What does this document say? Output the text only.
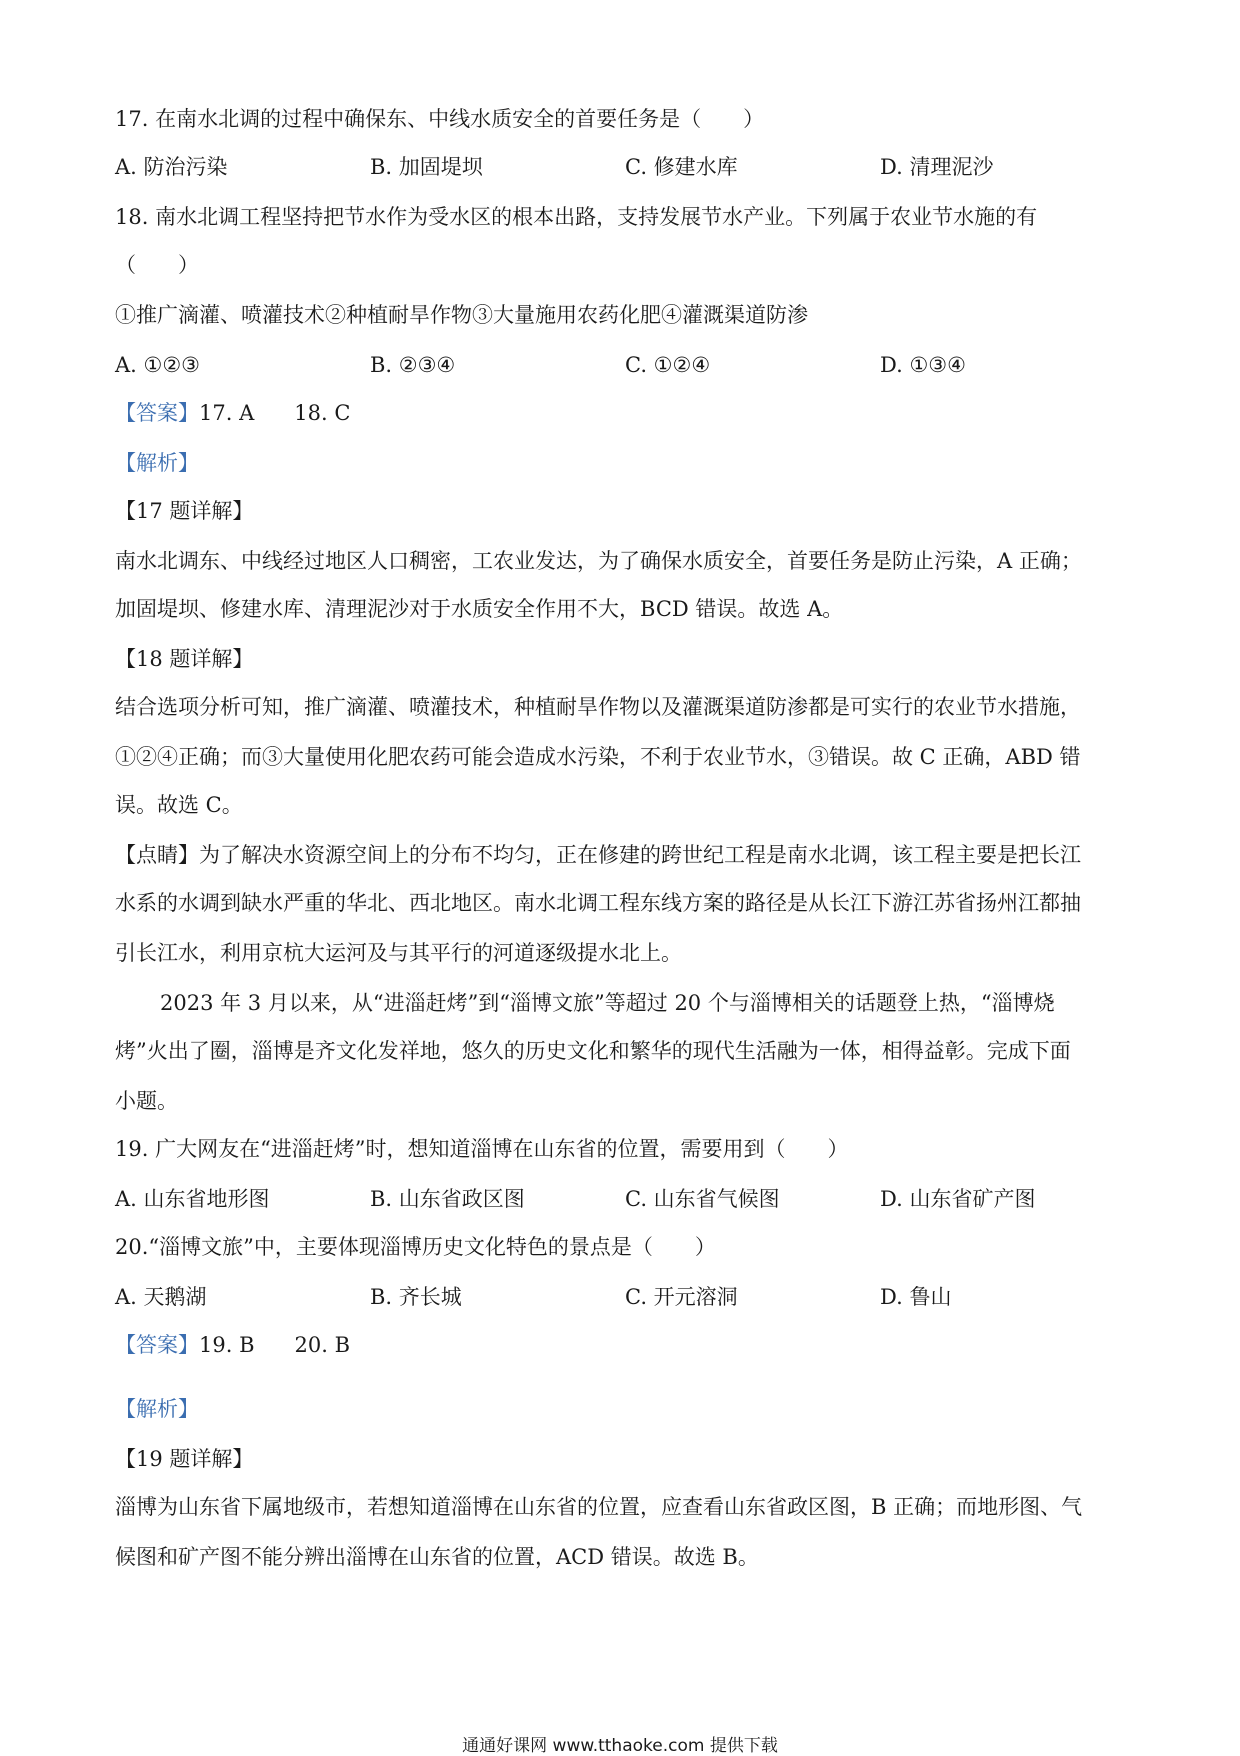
17. 在南水北调的过程中确保东、中线水质安全的首要任务是（　　）
A. 防治污染	B. 加固堤坝	C. 修建水库	D. 清理泥沙
18. 南水北调工程坚持把节水作为受水区的根本出路，支持发展节水产业。下列属于农业节水施的有
（　　）
①推广滴灌、喷灌技术②种植耐旱作物③大量施用农药化肥④灌溉渠道防渗
A. ①②③	B. ②③④	C. ①②④	D. ①③④
【答案】17. A 18. C
【解析】
【17 题详解】
南水北调东、中线经过地区人口稠密，工农业发达，为了确保水质安全，首要任务是防止污染，A 正确；
加固堤坝、修建水库、清理泥沙对于水质安全作用不大，BCD 错误。故选 A。
【18 题详解】
结合选项分析可知，推广滴灌、喷灌技术，种植耐旱作物以及灌溉渠道防渗都是可实行的农业节水措施，
①②④正确；而③大量使用化肥农药可能会造成水污染，不利于农业节水，③错误。故 C 正确，ABD 错
误。故选 C。
【点睛】为了解决水资源空间上的分布不均匀，正在修建的跨世纪工程是南水北调，该工程主要是把长江
水系的水调到缺水严重的华北、西北地区。南水北调工程东线方案的路径是从长江下游江苏省扬州江都抽
引长江水，利用京杭大运河及与其平行的河道逐级提水北上。
2023 年 3 月以来，从“进淄赶烤”到“淄博文旅”等超过 20 个与淄博相关的话题登上热，“淄博烧
烤”火出了圈，淄博是齐文化发祥地，悠久的历史文化和繁华的现代生活融为一体，相得益彰。完成下面
小题。
19. 广大网友在“进淄赶烤”时，想知道淄博在山东省的位置，需要用到（　　）
A. 山东省地形图	B. 山东省政区图	C. 山东省气候图	D. 山东省矿产图
20.“淄博文旅”中，主要体现淄博历史文化特色的景点是（　　）
A. 天鹅湖	B. 齐长城	C. 开元溶洞	D. 鲁山
【答案】19. B 20. B
【解析】
【19 题详解】
淄博为山东省下属地级市，若想知道淄博在山东省的位置，应查看山东省政区图，B 正确；而地形图、气
候图和矿产图不能分辨出淄博在山东省的位置，ACD 错误。故选 B。
通通好课网 www.tthaoke.com 提供下载
